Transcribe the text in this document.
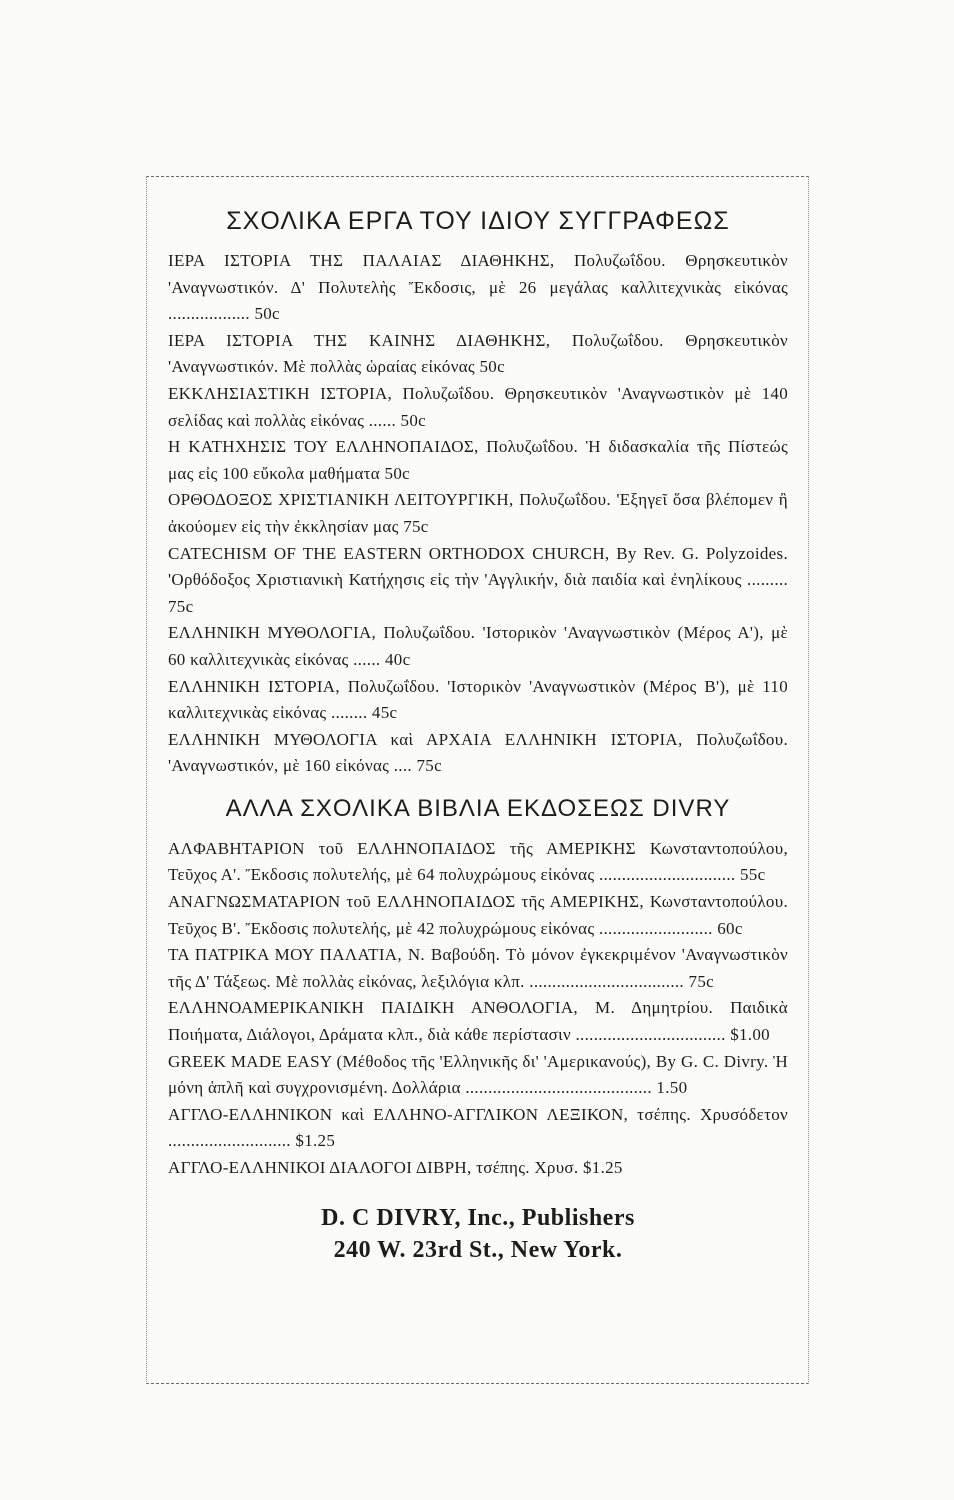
ΣΧΟΛΙΚΑ ΕΡΓΑ ΤΟΥ ΙΔΙΟΥ ΣΥΓΓΡΑΦΕΩΣ

ΙΕΡΑ ΙΣΤΟΡΙΑ ΤΗΣ ΠΑΛΑΙΑΣ ΔΙΑΘΗΚΗΣ, Πολυζωΐδου. Θρησκευτικὸν 'Αναγνωστικόν. Δ' Πολυτελὴς Ἔκδοσις, μὲ 26 μεγάλας καλλιτεχνικὰς εἰκόνας .................. 50c

ΙΕΡΑ ΙΣΤΟΡΙΑ ΤΗΣ ΚΑΙΝΗΣ ΔΙΑΘΗΚΗΣ, Πολυζωΐδου. Θρησκευτικὸν 'Αναγνωστικόν. Μὲ πολλὰς ὡραίας εἰκόνας 50c

ΕΚΚΛΗΣΙΑΣΤΙΚΗ ΙΣΤΟΡΙΑ, Πολυζωΐδου. Θρησκευτικὸν 'Αναγνωστικὸν μὲ 140 σελίδας καὶ πολλὰς εἰκόνας ...... 50c

Η ΚΑΤΗΧΗΣΙΣ ΤΟΥ ΕΛΛΗΝΟΠΑΙΔΟΣ, Πολυζωΐδου. Ἡ διδασκαλία τῆς Πίστεώς μας εἰς 100 εὔκολα μαθήματα 50c

ΟΡΘΟΔΟΞΟΣ ΧΡΙΣΤΙΑΝΙΚΗ ΛΕΙΤΟΥΡΓΙΚΗ, Πολυζωΐδου. 'Εξηγεῖ ὅσα βλέπομεν ἢ ἀκούομεν εἰς τὴν ἐκκλησίαν μας 75c

CATECHISM OF THE EASTERN ORTHODOX CHURCH, By Rev. G. Polyzoides. 'Ορθόδοξος Χριστιανικὴ Κατήχησις εἰς τὴν 'Αγγλικήν, διὰ παιδία καὶ ἐνηλίκους ......... 75c

ΕΛΛΗΝΙΚΗ ΜΥΘΟΛΟΓΙΑ, Πολυζωΐδου. 'Ιστορικὸν 'Αναγνωστικὸν (Μέρος Α'), μὲ 60 καλλιτεχνικὰς εἰκόνας ...... 40c

ΕΛΛΗΝΙΚΗ ΙΣΤΟΡΙΑ, Πολυζωΐδου. 'Ιστορικὸν 'Αναγνωστικὸν (Μέρος Β'), μὲ 110 καλλιτεχνικὰς εἰκόνας ........ 45c

ΕΛΛΗΝΙΚΗ ΜΥΘΟΛΟΓΙΑ καὶ ΑΡΧΑΙΑ ΕΛΛΗΝΙΚΗ ΙΣΤΟΡΙΑ, Πολυζωΐδου. 'Αναγνωστικόν, μὲ 160 εἰκόνας .... 75c

ΑΛΛΑ ΣΧΟΛΙΚΑ ΒΙΒΛΙΑ ΕΚΔΟΣΕΩΣ DIVRY

ΑΛΦΑΒΗΤΑΡΙΟΝ τοῦ ΕΛΛΗΝΟΠΑΙΔΟΣ τῆς ΑΜΕΡΙΚΗΣ Κωνσταντοπούλου, Τεῦχος Α'. Ἔκδοσις πολυτελής, μὲ 64 πολυχρώμους εἰκόνας .............................. 55c

ΑΝΑΓΝΩΣΜΑΤΑΡΙΟΝ τοῦ ΕΛΛΗΝΟΠΑΙΔΟΣ τῆς ΑΜΕΡΙΚΗΣ, Κωνσταντοπούλου. Τεῦχος Β'. Ἔκδοσις πολυτελής, μὲ 42 πολυχρώμους εἰκόνας ......................... 60c

ΤΑ ΠΑΤΡΙΚΑ ΜΟΥ ΠΑΛΑΤΙΑ, Ν. Βαβούδη. Τὸ μόνον ἐγκεκριμένον 'Αναγνωστικὸν τῆς Δ' Τάξεως. Μὲ πολλὰς εἰκόνας, λεξιλόγια κλπ. .................................. 75c

ΕΛΛΗΝΟΑΜΕΡΙΚΑΝΙΚΗ ΠΑΙΔΙΚΗ ΑΝΘΟΛΟΓΙΑ, Μ. Δημητρίου. Παιδικὰ Ποιήματα, Διάλογοι, Δράματα κλπ., διὰ κάθε περίστασιν ................................. $1.00

GREEK MADE EASY (Μέθοδος τῆς 'Ελληνικῆς δι' 'Αμερικανούς), By G. C. Divry. Ἡ μόνη ἁπλῆ καὶ συγχρονισμένη. Δολλάρια ......................................... 1.50

ΑΓΓΛΟ-ΕΛΛΗΝΙΚΟΝ καὶ ΕΛΛΗΝΟ-ΑΓΓΛΙΚΟΝ ΛΕΞΙΚΟΝ, τσέπης. Χρυσόδετον ........................... $1.25

ΑΓΓΛΟ-ΕΛΛΗΝΙΚΟΙ ΔΙΑΛΟΓΟΙ ΔΙΒΡΗ, τσέπης. Χρυσ. $1.25

D. C DIVRY, Inc., Publishers
240 W. 23rd St., New York.
